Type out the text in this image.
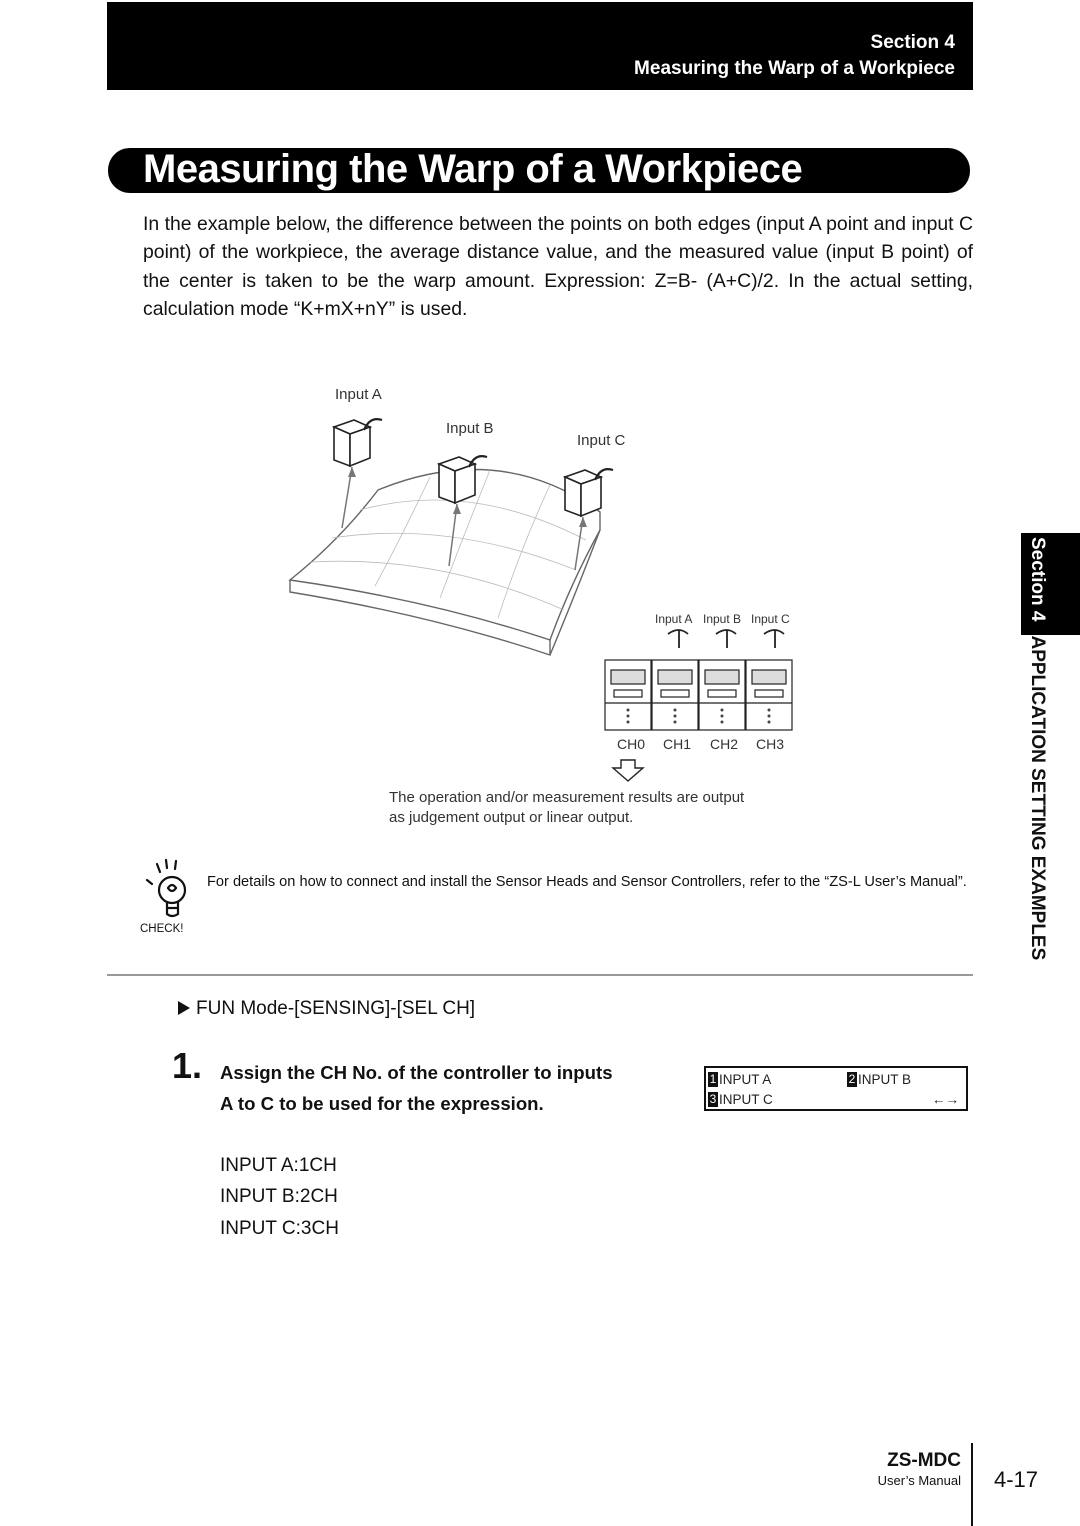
Section 4
Measuring the Warp of a Workpiece
Measuring the Warp of a Workpiece

In the example below, the difference between the points on both edges (input A point and input C point) of the workpiece, the average distance value, and the measured value (input B point) of the center is taken to be the warp amount. Expression: Z=B- (A+C)/2. In the actual setting, calculation mode “K+mX+nY” is used.

Input A
Input B
Input C
Input A Input B Input C
CH0 CH1 CH2 CH3
The operation and/or measurement results are output
as judgement output or linear output.
CHECK!

For details on how to connect and install the Sensor Heads and Sensor Controllers, refer to the “ZS-L User’s Manual”.

FUN Mode-[SENSING]-[SEL CH]
1. Assign the CH No. of the controller to inputs
A to C to be used for the expression.
1 INPUT A	2 INPUT B
3 INPUT C	←→
INPUT A:1CH
INPUT B:2CH
INPUT C:3CH
Section 4APPLICATION SETTING EXAMPLES
ZS-MDC
User’s Manual 4-17
